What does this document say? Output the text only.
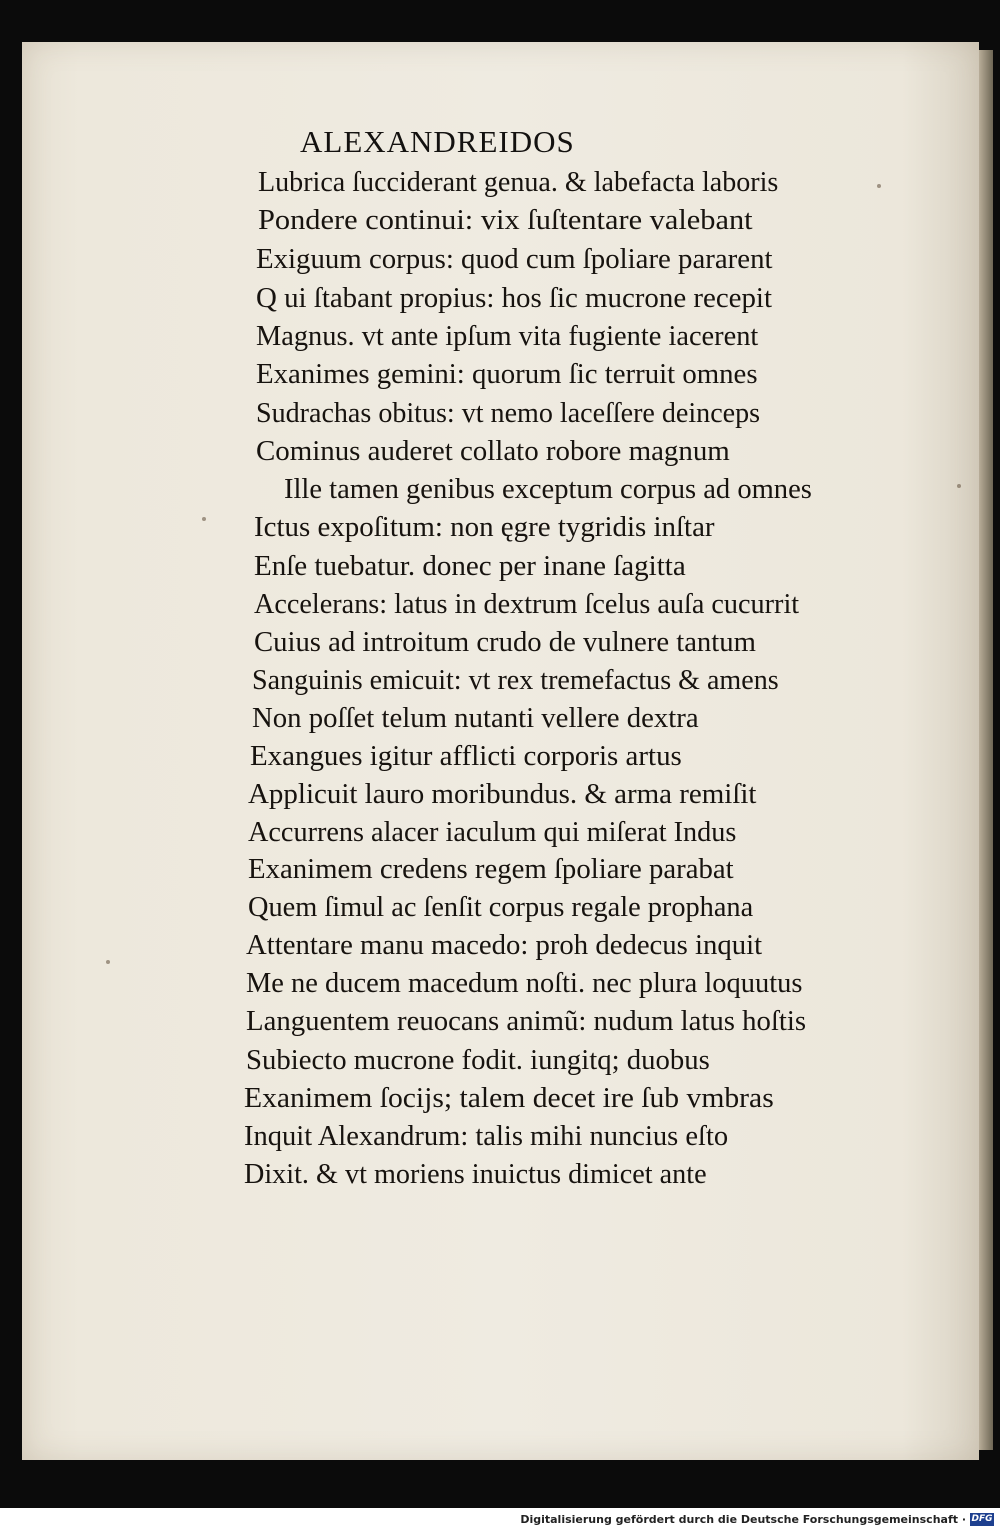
ALEXANDREIDOS
Lubrica ſucciderant genua. & labefacta laboris
Pondere continui: vix ſuſtentare valebant
Exiguum corpus: quod cum ſpoliare pararent
Q ui ſtabant propius: hos ſic mucrone recepit
Magnus. vt ante ipſum vita fugiente iacerent
Exanimes gemini: quorum ſic terruit omnes
Sudrachas obitus: vt nemo laceſſere deinceps
Cominus auderet collato robore magnum
Ille tamen genibus exceptum corpus ad omnes
Ictus expoſitum: non ęgre tygridis inſtar
Enſe tuebatur. donec per inane ſagitta
Accelerans: latus in dextrum ſcelus auſa cucurrit
Cuius ad introitum crudo de vulnere tantum
Sanguinis emicuit: vt rex tremefactus & amens
Non poſſet telum nutanti vellere dextra
Exangues igitur afflicti corporis artus
Applicuit lauro moribundus. & arma remiſit
Accurrens alacer iaculum qui miſerat Indus
Exanimem credens regem ſpoliare parabat
Quem ſimul ac ſenſit corpus regale prophana
Attentare manu macedo: proh dedecus inquit
Me ne ducem macedum noſti. nec plura loquutus
Languentem reuocans animũ: nudum latus hoſtis
Subiecto mucrone fodit. iungitq; duobus
Exanimem ſocijs; talem decet ire ſub vmbras
Inquit Alexandrum: talis mihi nuncius eſto
Dixit. & vt moriens inuictus dimicet ante
Digitalisierung gefördert durch die Deutsche Forschungsgemeinschaft · DFG
